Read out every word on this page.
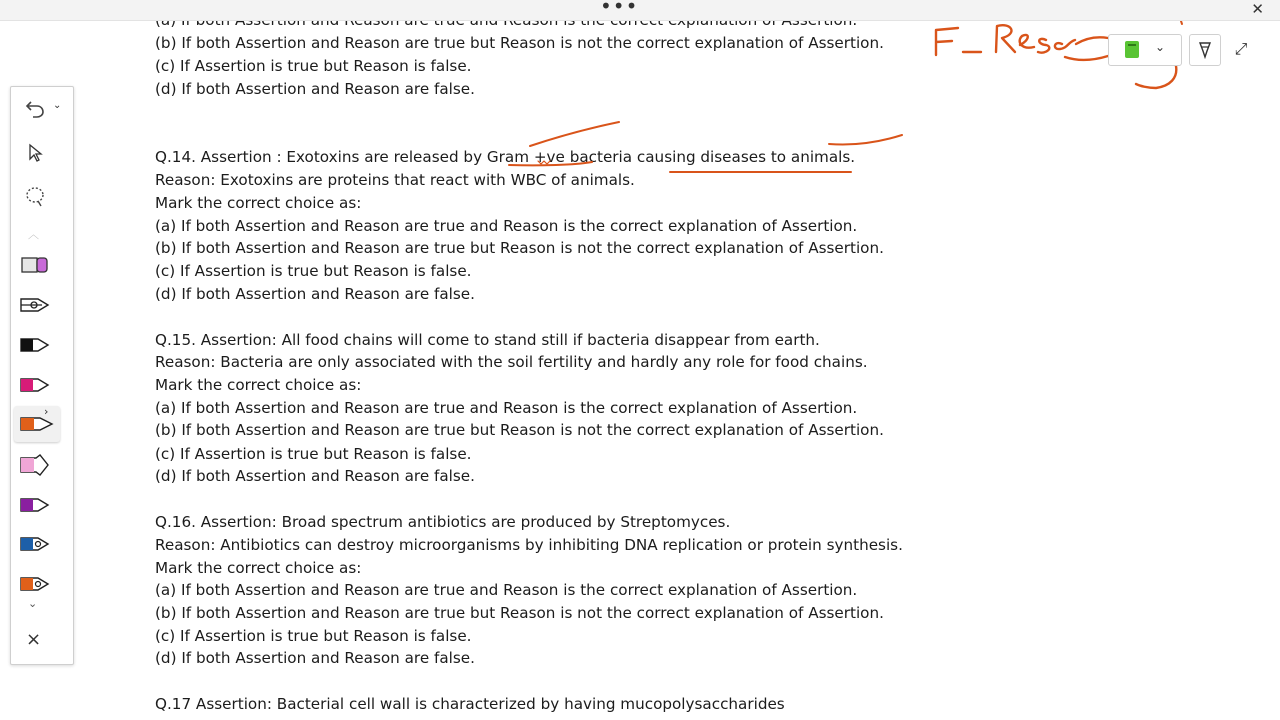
•••	✕
(b) If both Assertion and Reason are true but Reason is not the correct explanation of Assertion.
(c) If Assertion is true but Reason is false.
(d) If both Assertion and Reason are false.
Q.14. Assertion : Exotoxins are released by Gram +ve bacteria causing diseases to animals.
Reason: Exotoxins are proteins that react with WBC of animals.
Mark the correct choice as:
(a) If both Assertion and Reason are true and Reason is the correct explanation of Assertion.
(b) If both Assertion and Reason are true but Reason is not the correct explanation of Assertion.
(c) If Assertion is true but Reason is false.
(d) If both Assertion and Reason are false.
Q.15. Assertion: All food chains will come to stand still if bacteria disappear from earth.
Reason: Bacteria are only associated with the soil fertility and hardly any role for food chains.
Mark the correct choice as:
(a) If both Assertion and Reason are true and Reason is the correct explanation of Assertion.
(b) If both Assertion and Reason are true but Reason is not the correct explanation of Assertion.
(c) If Assertion is true but Reason is false.
(d) If both Assertion and Reason are false.
Q.16. Assertion: Broad spectrum antibiotics are produced by Streptomyces.
Reason: Antibiotics can destroy microorganisms by inhibiting DNA replication or protein synthesis.
Mark the correct choice as:
(a) If both Assertion and Reason are true and Reason is the correct explanation of Assertion.
(b) If both Assertion and Reason are true but Reason is not the correct explanation of Assertion.
(c) If Assertion is true but Reason is false.
(d) If both Assertion and Reason are false.
Q.17 Assertion: Bacterial cell wall is characterized by having mucopolysaccharides
⌄	⤢
⌄
︿
›
⌄
×
